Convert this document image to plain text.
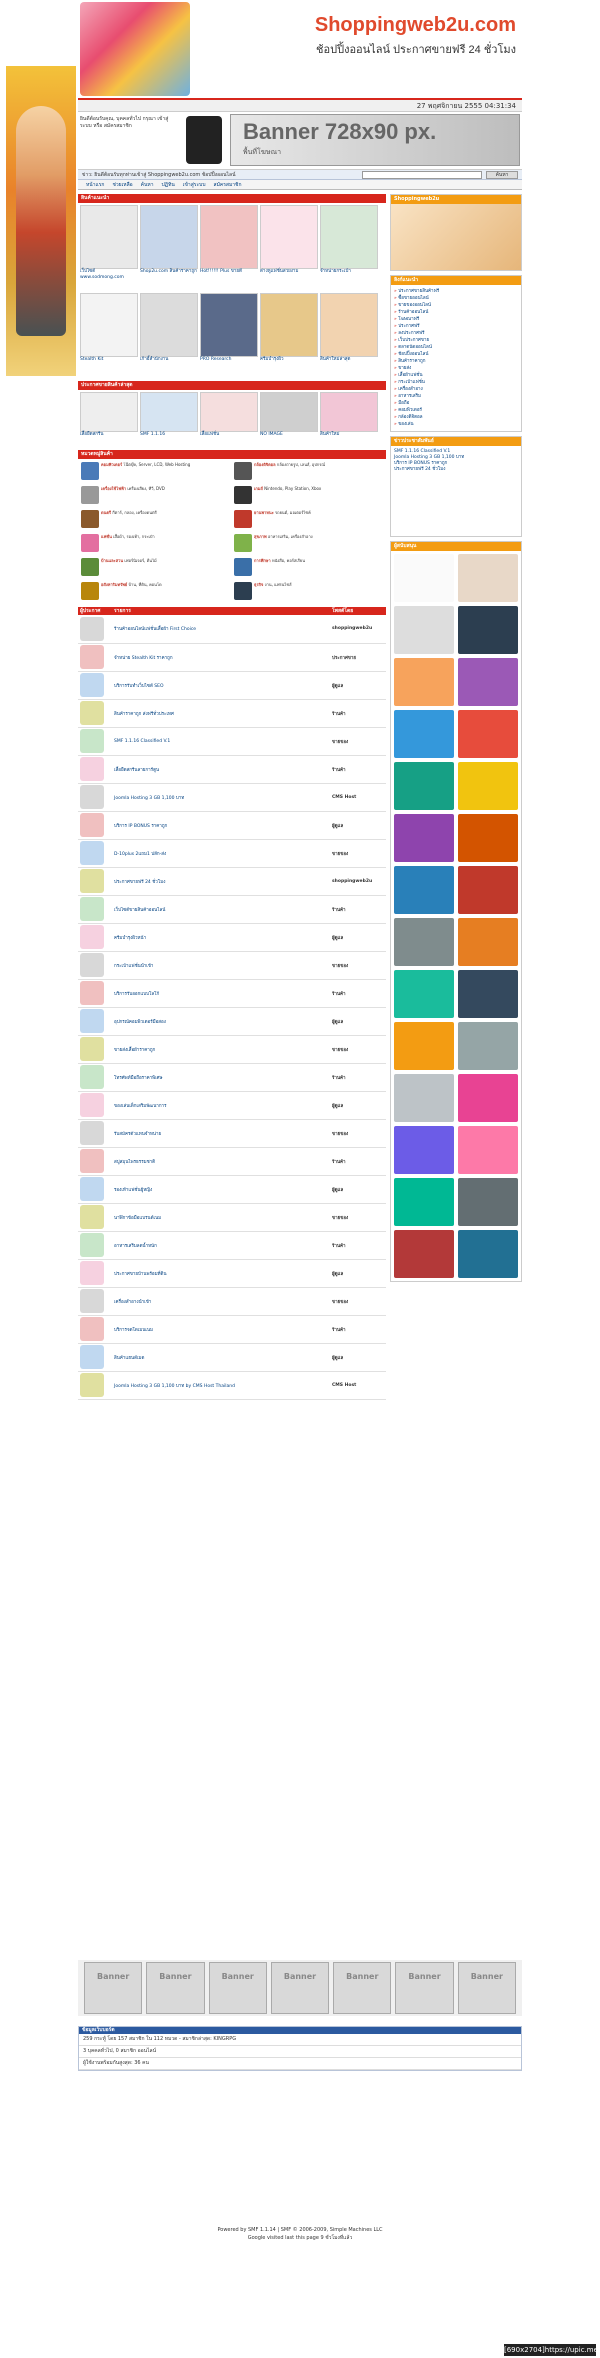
Shoppingweb2u.com
ช้อปปิ้งออนไลน์ ประกาศขายฟรี 24 ชั่วโมง
27 พฤศจิกายน 2555 04:31:34
ยินดีต้อนรับคุณ, บุคคลทั่วไป กรุณา เข้าสู่ระบบ หรือ สมัครสมาชิก	Banner 728x90 px.
พื้นที่โฆษณา
ข่าว: ยินดีต้อนรับทุกท่านเข้าสู่ Shoppingweb2u.com ช้อปปิ้งออนไลน์	ค้นหา
หน้าแรก ช่วยเหลือ ค้นหา ปฏิทิน เข้าสู่ระบบ สมัครสมาชิก
สินค้าแนะนำ
เว็บไซต์ www.sodmong.com
Shop2u.com สินค้าราคาถูก Hot!!!!!! Plus ขายดี	ต่างหูแฟชั่นสวยงาม	จำหน่ายกระเป๋า
Stealth Kit	เก้าอี้สำนักงาน	PRO Research	ครีมบำรุงผิว	สินค้าใหม่ล่าสุด
ประกาศขายสินค้าล่าสุด
เสื้อยืดสกรีน	SMF 1.1.16	เสื้อแฟชั่น	NO IMAGE	สินค้าใหม่
หมวดหมู่สินค้า
คอมพิวเตอร์ โน๊ตบุ๊ค, Server, LCD, Web Hosting	กล้องดิจิตอล กล้องถ่ายรูป, เลนส์, อุปกรณ์
เครื่องใช้ไฟฟ้า เครื่องเสียง, ทีวี, DVD	เกมส์ Nintendo, Play Station, Xbox
ดนตรี กีตาร์, กลอง, เครื่องดนตรี	ยานพาหนะ รถยนต์, มอเตอร์ไซค์
แฟชั่น เสื้อผ้า, รองเท้า, กระเป๋า	สุขภาพ อาหารเสริม, เครื่องสำอาง
บ้านและสวน เฟอร์นิเจอร์, ต้นไม้	การศึกษา หนังสือ, คอร์สเรียน
อสังหาริมทรัพย์ บ้าน, ที่ดิน, คอนโด	ธุรกิจ งาน, แฟรนไชส์
ผู้ประกาศ	รายการ	โพสต์โดย

	ร้านค้าออนไลน์แฟชั่นเสื้อผ้า First Choice	shoppingweb2u

	จำหน่าย Stealth Kit ราคาถูก	ประกาศขาย

	บริการรับทำเว็บไซต์ SEO	ผู้ดูแล

	สินค้าราคาถูก ส่งฟรีทั่วประเทศ	ร้านค้า

	SMF 1.1.16 Classified V.1	ขายของ

	เสื้อยืดสกรีนลายการ์ตูน	ร้านค้า

	Joomla Hosting 3 GB 1,100 บาท	CMS Host

	บริการ IP BONUS ราคาถูก	ผู้ดูแล

	D-10plus 2แถม1 ปลีก-ส่ง	ขายของ

	ประกาศขายฟรี 24 ชั่วโมง	shoppingweb2u

	เว็บไซต์ขายสินค้าออนไลน์	ร้านค้า

	ครีมบำรุงผิวหน้า	ผู้ดูแล

	กระเป๋าแฟชั่นนำเข้า	ขายของ

	บริการรับออกแบบโลโก้	ร้านค้า

	อุปกรณ์คอมพิวเตอร์มือสอง	ผู้ดูแล

	ขายส่งเสื้อผ้าราคาถูก	ขายของ

	โทรศัพท์มือถือราคาพิเศษ	ร้านค้า

	ของเล่นเด็กเสริมพัฒนาการ	ผู้ดูแล

	รับสมัครตัวแทนจำหน่าย	ขายของ

	สบู่สมุนไพรธรรมชาติ	ร้านค้า

	รองเท้าแฟชั่นผู้หญิง	ผู้ดูแล

	นาฬิกาข้อมือแบรนด์เนม	ขายของ

	อาหารเสริมลดน้ำหนัก	ร้านค้า

	ประกาศขายบ้านพร้อมที่ดิน	ผู้ดูแล

	เครื่องสำอางนำเข้า	ขายของ

	บริการจดโดเมนเนม	ร้านค้า

	สินค้าแฮนด์เมด	ผู้ดูแล

	Joomla Hosting 3 GB 1,100 บาท by CMS Host Thailand	CMS Host
Shoppingweb2u
ลิงก์แนะนำ
» ประกาศขายสินค้าฟรี
» ซื้อขายออนไลน์
» ขายของออนไลน์
» ร้านค้าออนไลน์
» โฆษณาฟรี
» ประกาศฟรี
» ลงประกาศฟรี
» เว็บประกาศขาย
» ตลาดนัดออนไลน์
» ช้อปปิ้งออนไลน์
» สินค้าราคาถูก
» ขายส่ง
» เสื้อผ้าแฟชั่น
» กระเป๋าแฟชั่น
» เครื่องสำอาง
» อาหารเสริม
» มือถือ
» คอมพิวเตอร์
» กล้องดิจิตอล
» ของเล่น
ข่าวประชาสัมพันธ์
SMF 1.1.16 Classified V.1
Joomla Hosting 3 GB 1,100 บาท
บริการ IP BONUS ราคาถูก
ประกาศขายฟรี 24 ชั่วโมง
ผู้สนับสนุน
Banner	Banner	Banner	Banner	Banner	Banner	Banner
ข้อมูลเว็บบอร์ด
259 กระทู้ โดย 157 สมาชิก ใน 112 หมวด - สมาชิกล่าสุด: KINGRPG
3 บุคคลทั่วไป, 0 สมาชิก ออนไลน์
ผู้ใช้งานพร้อมกันสูงสุด: 36 คน
Powered by SMF 1.1.14 | SMF © 2006-2009, Simple Machines LLC
Google visited last this page 9 ชั่วโมงที่แล้ว
[690x2704]https://upic.me/
